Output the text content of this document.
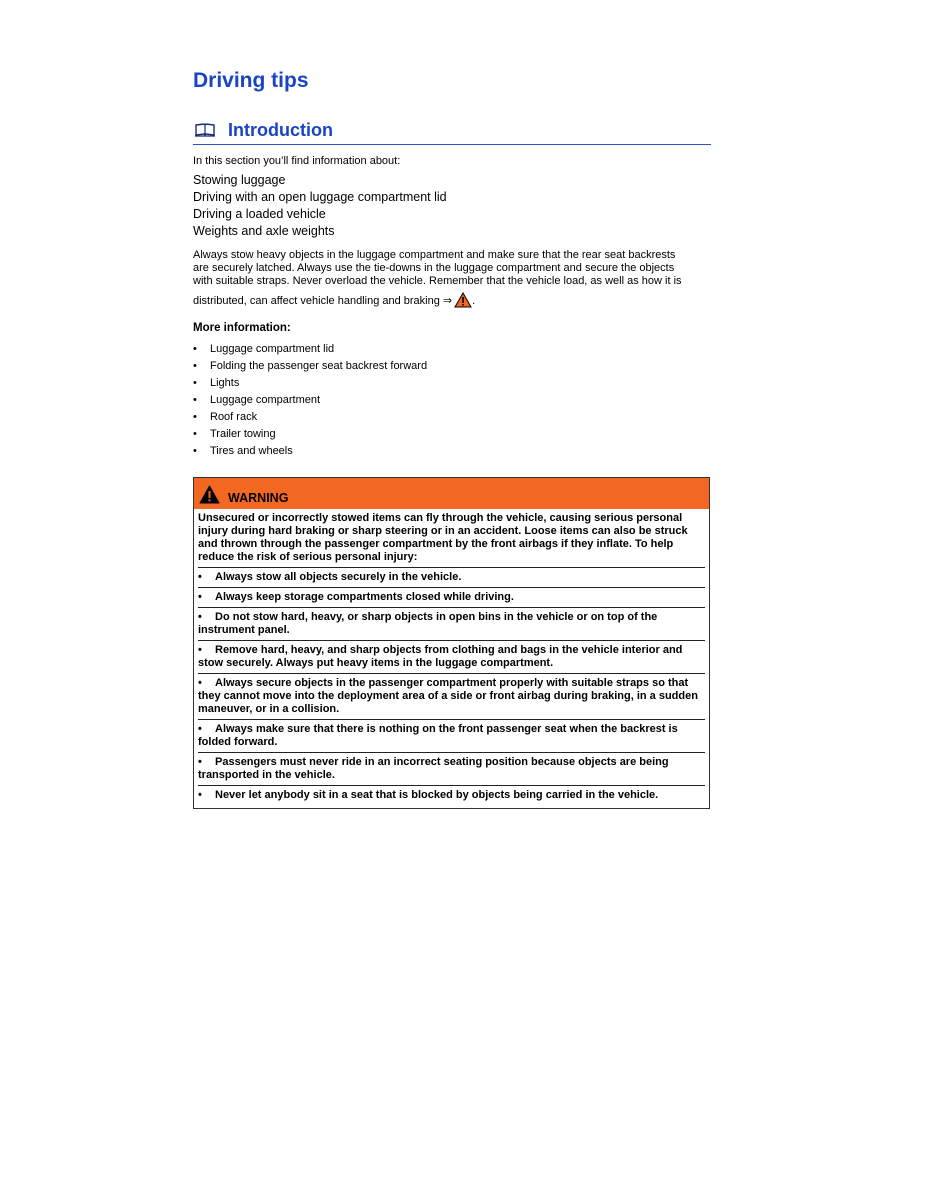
Driving tips
Introduction
In this section you’ll find information about:
Stowing luggage
Driving with an open luggage compartment lid
Driving a loaded vehicle
Weights and axle weights
Always stow heavy objects in the luggage compartment and make sure that the rear seat backrests
are securely latched. Always use the tie-downs in the luggage compartment and secure the objects
with suitable straps. Never overload the vehicle. Remember that the vehicle load, as well as how it is
distributed, can affect vehicle handling and braking ⇒ .
More information:
• Luggage compartment lid
• Folding the passenger seat backrest forward
• Lights
• Luggage compartment
• Roof rack
• Trailer towing
• Tires and wheels
WARNING
Unsecured or incorrectly stowed items can fly through the vehicle, causing serious personal injury during hard braking or sharp steering or in an accident. Loose items can also be struck and thrown through the passenger compartment by the front airbags if they inflate. To help reduce the risk of serious personal injury:
• Always stow all objects securely in the vehicle.
• Always keep storage compartments closed while driving.
• Do not stow hard, heavy, or sharp objects in open bins in the vehicle or on top of the instrument panel.
• Remove hard, heavy, and sharp objects from clothing and bags in the vehicle interior and stow securely. Always put heavy items in the luggage compartment.
• Always secure objects in the passenger compartment properly with suitable straps so that they cannot move into the deployment area of a side or front airbag during braking, in a sudden maneuver, or in a collision.
• Always make sure that there is nothing on the front passenger seat when the backrest is folded forward.
• Passengers must never ride in an incorrect seating position because objects are being transported in the vehicle.
• Never let anybody sit in a seat that is blocked by objects being carried in the vehicle.
